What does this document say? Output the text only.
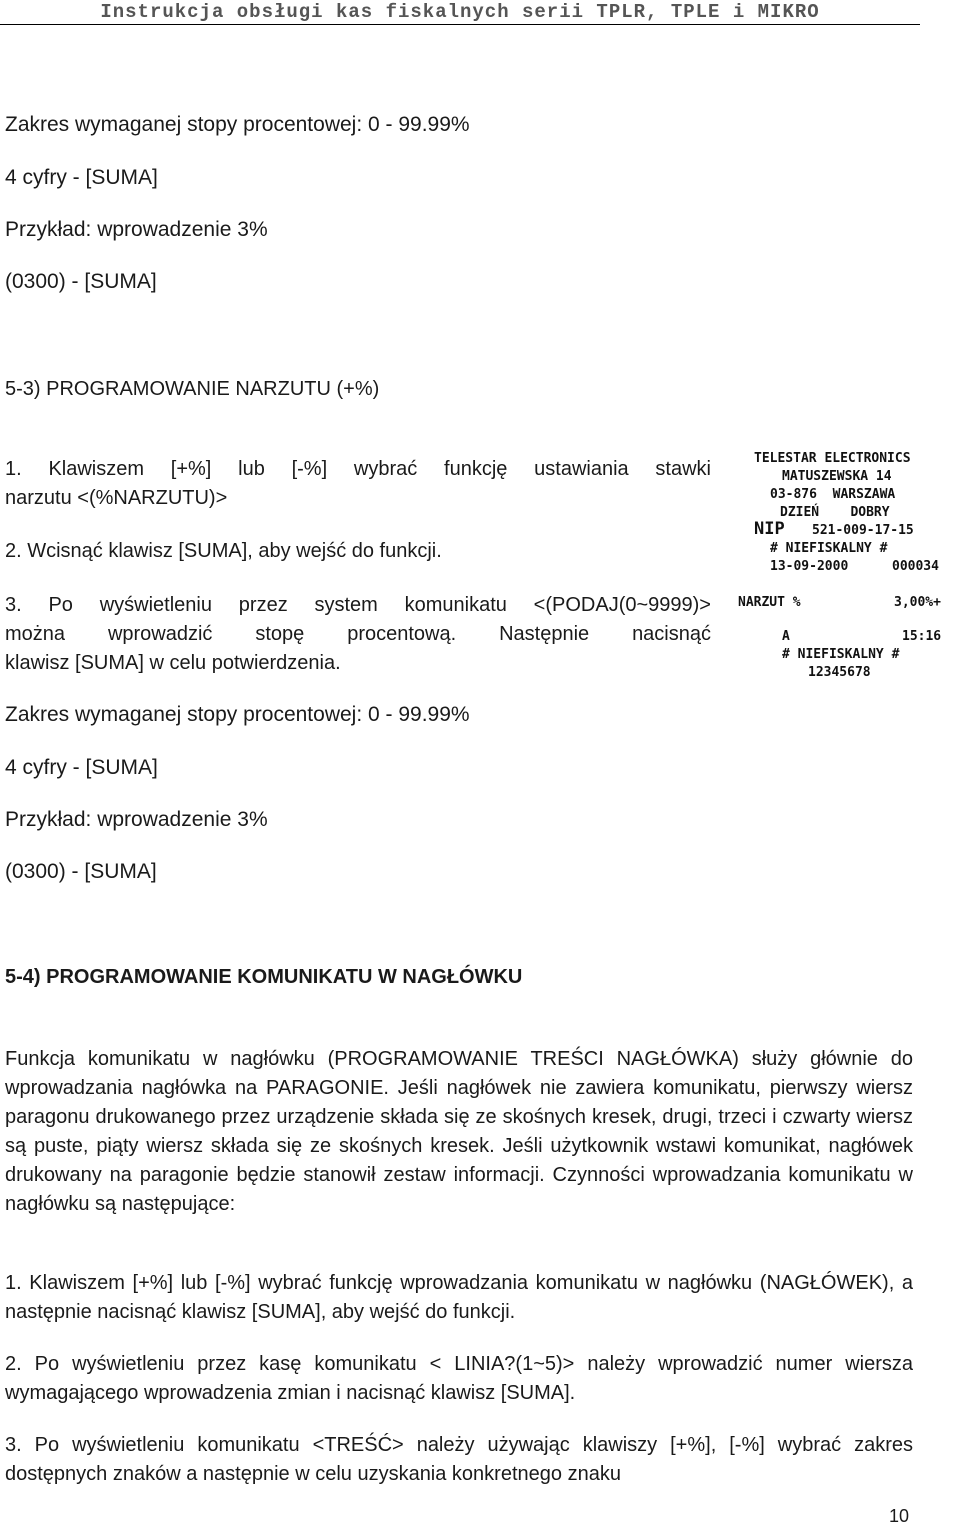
Instrukcja obsługi kas fiskalnych serii TPLR, TPLE i MIKRO
Zakres wymaganej stopy procentowej: 0 - 99.99%
4 cyfry - [SUMA]
Przykład: wprowadzenie 3%
(0300) - [SUMA]
5-3) PROGRAMOWANIE NARZUTU (+%)
1. Klawiszem [+%] lub [-%] wybrać funkcję ustawiania stawki
narzutu <(%NARZUTU)>
2. Wcisnąć klawisz [SUMA], aby wejść do funkcji.
3. Po wyświetleniu przez system komunikatu <(PODAJ(0~9999)>
można wprowadzić stopę procentową. Następnie nacisnąć
klawisz [SUMA] w celu potwierdzenia.
Zakres wymaganej stopy procentowej: 0 - 99.99%
4 cyfry - [SUMA]
Przykład: wprowadzenie 3%
(0300) - [SUMA]
TELESTAR ELECTRONICS
MATUSZEWSKA 14
03-876  WARSZAWA
DZIEŃ    DOBRY
NIP 521-009-17-15
# NIEFISKALNY #
13-09-2000	000034
NARZUT %	3,00%+
A	15:16
# NIEFISKALNY #
12345678
5-4) PROGRAMOWANIE KOMUNIKATU W NAGŁÓWKU
Funkcja komunikatu w nagłówku (PROGRAMOWANIE TREŚCI NAGŁÓWKA) służy głównie do wprowadzania nagłówka na PARAGONIE. Jeśli nagłówek nie zawiera komunikatu, pierwszy wiersz paragonu drukowanego przez urządzenie składa się ze skośnych kresek, drugi, trzeci i czwarty wiersz są puste, piąty wiersz składa się ze skośnych kresek. Jeśli użytkownik wstawi komunikat, nagłówek drukowany na paragonie będzie stanowił zestaw informacji. Czynności wprowadzania komunikatu w nagłówku są następujące:
1. Klawiszem [+%] lub [-%] wybrać funkcję wprowadzania komunikatu w nagłówku (NAGŁÓWEK), a następnie nacisnąć klawisz [SUMA], aby wejść do funkcji.
2. Po wyświetleniu przez kasę komunikatu < LINIA?(1~5)> należy wprowadzić numer wiersza wymagającego wprowadzenia zmian i nacisnąć klawisz [SUMA].
3. Po wyświetleniu komunikatu <TREŚĆ> należy używając klawiszy [+%], [-%] wybrać zakres dostępnych znaków a następnie w celu uzyskania konkretnego znaku
10
